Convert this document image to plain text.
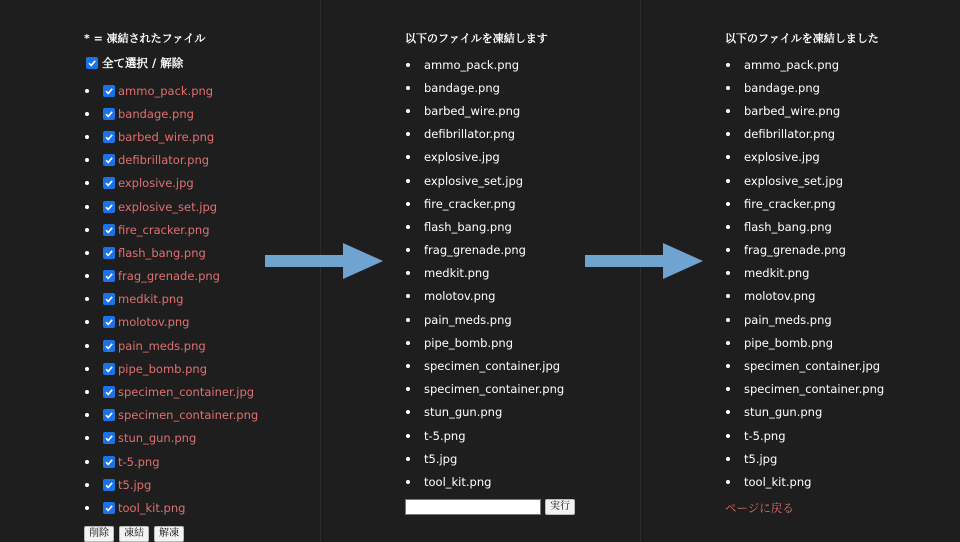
* = 凍結されたファイル
全て選択 / 解除
ammo_pack.png
bandage.png
barbed_wire.png
defibrillator.png
explosive.jpg
explosive_set.jpg
fire_cracker.png
flash_bang.png
frag_grenade.png
medkit.png
molotov.png
pain_meds.png
pipe_bomb.png
specimen_container.jpg
specimen_container.png
stun_gun.png
t-5.png
t5.jpg
tool_kit.png
削除	凍結	解凍
以下のファイルを凍結します
ammo_pack.png
bandage.png
barbed_wire.png
defibrillator.png
explosive.jpg
explosive_set.jpg
fire_cracker.png
flash_bang.png
frag_grenade.png
medkit.png
molotov.png
pain_meds.png
pipe_bomb.png
specimen_container.jpg
specimen_container.png
stun_gun.png
t-5.png
t5.jpg
tool_kit.png
実行
以下のファイルを凍結しました
ammo_pack.png
bandage.png
barbed_wire.png
defibrillator.png
explosive.jpg
explosive_set.jpg
fire_cracker.png
flash_bang.png
frag_grenade.png
medkit.png
molotov.png
pain_meds.png
pipe_bomb.png
specimen_container.jpg
specimen_container.png
stun_gun.png
t-5.png
t5.jpg
tool_kit.png
ページに戻る
